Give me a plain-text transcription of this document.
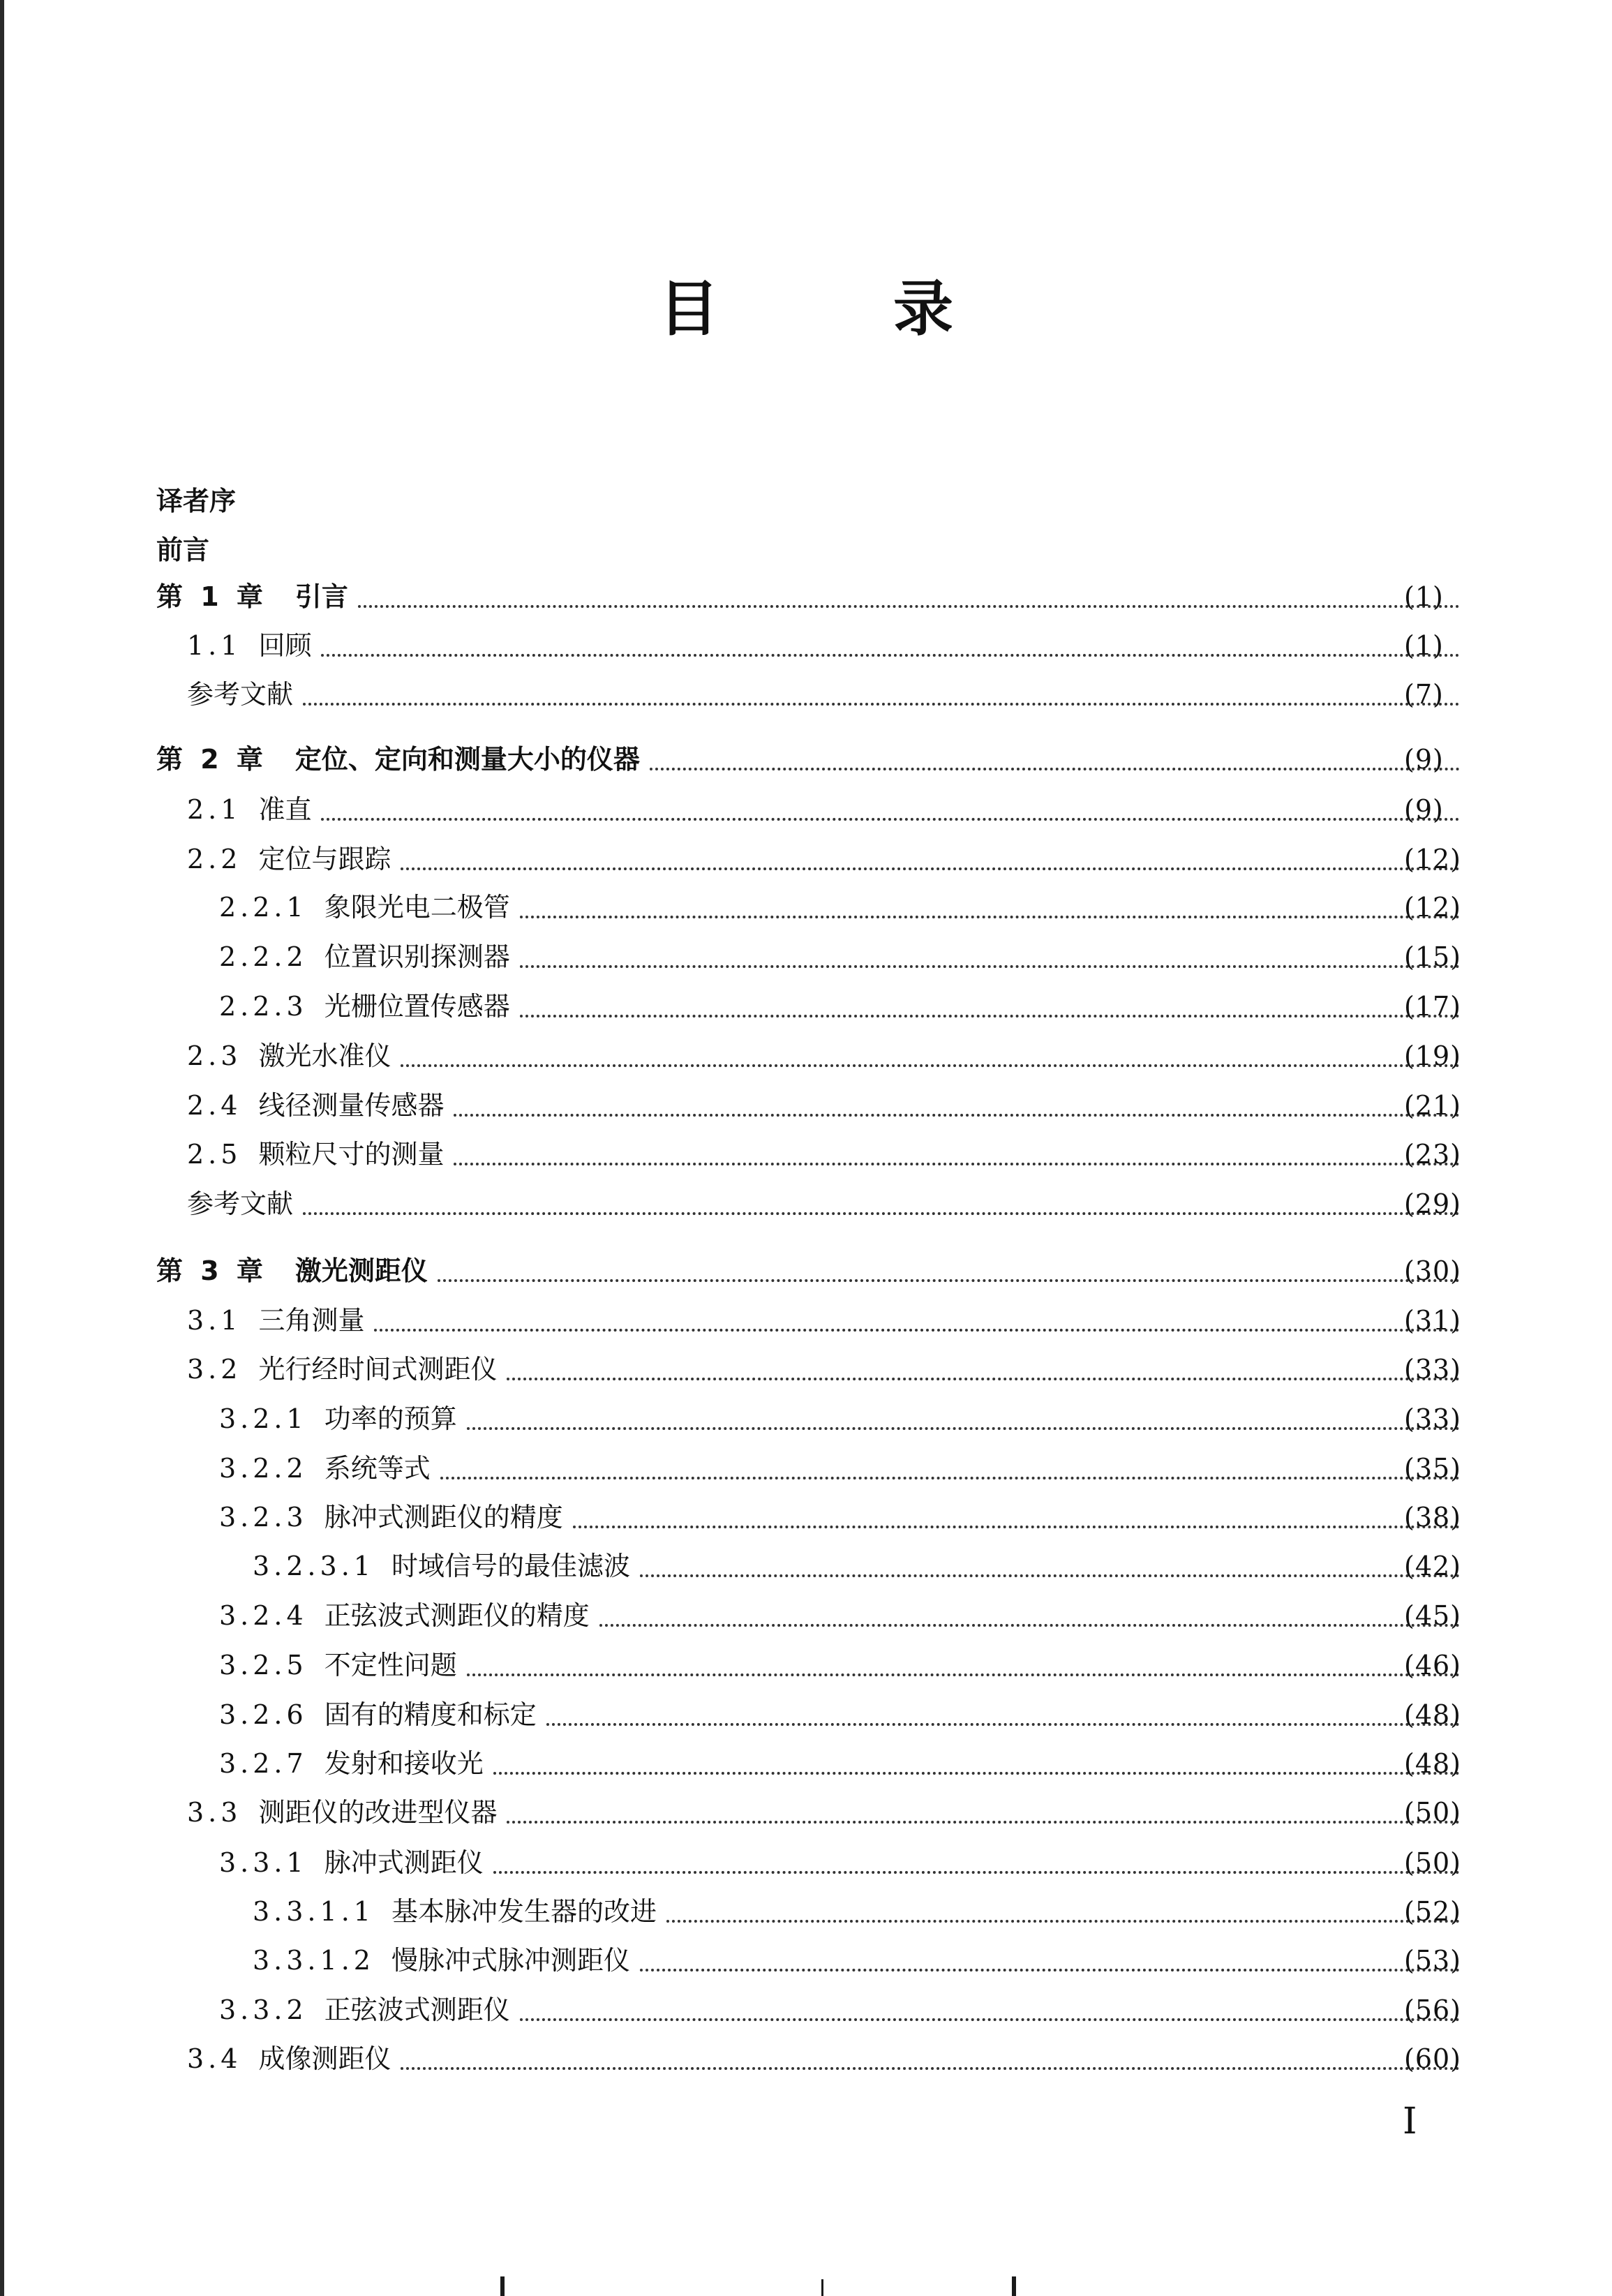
目 录
译者序
前言
第 1 章 引言	(1)
1.1 回顾	(1)
参考文献	(7)
第 2 章 定位、定向和测量大小的仪器	(9)
2.1 准直	(9)
2.2 定位与跟踪	(12)
2.2.1 象限光电二极管	(12)
2.2.2 位置识别探测器	(15)
2.2.3 光栅位置传感器	(17)
2.3 激光水准仪	(19)
2.4 线径测量传感器	(21)
2.5 颗粒尺寸的测量	(23)
参考文献	(29)
第 3 章 激光测距仪	(30)
3.1 三角测量	(31)
3.2 光行经时间式测距仪	(33)
3.2.1 功率的预算	(33)
3.2.2 系统等式	(35)
3.2.3 脉冲式测距仪的精度	(38)
3.2.3.1 时域信号的最佳滤波	(42)
3.2.4 正弦波式测距仪的精度	(45)
3.2.5 不定性问题	(46)
3.2.6 固有的精度和标定	(48)
3.2.7 发射和接收光	(48)
3.3 测距仪的改进型仪器	(50)
3.3.1 脉冲式测距仪	(50)
3.3.1.1 基本脉冲发生器的改进	(52)
3.3.1.2 慢脉冲式脉冲测距仪	(53)
3.3.2 正弦波式测距仪	(56)
3.4 成像测距仪	(60)
I
